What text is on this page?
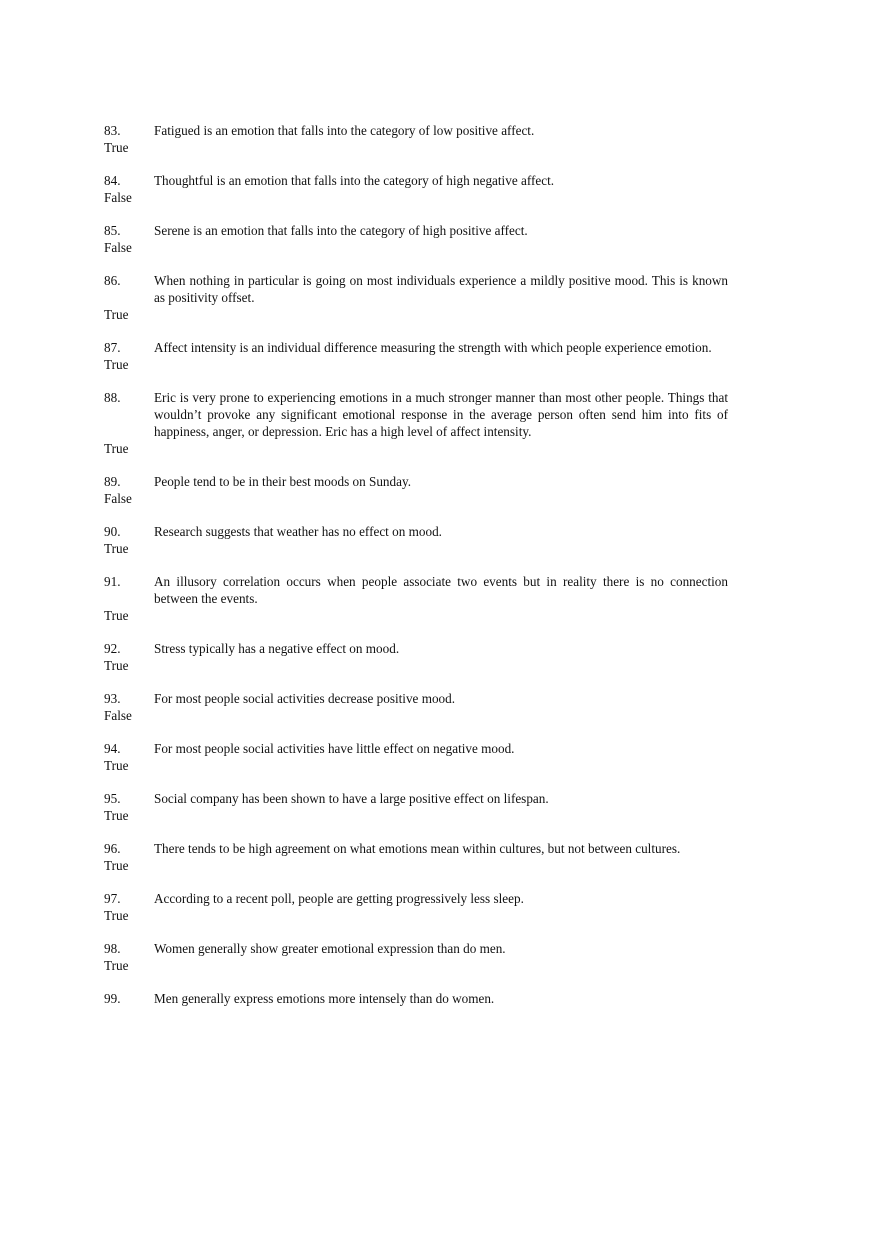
83.	Fatigued is an emotion that falls into the category of low positive affect.
True
84.	Thoughtful is an emotion that falls into the category of high negative affect.
False
85.	Serene is an emotion that falls into the category of high positive affect.
False
86.	When nothing in particular is going on most individuals experience a mildly positive mood. This is known as positivity offset.
True
87.	Affect intensity is an individual difference measuring the strength with which people experience emotion.
True
88.	Eric is very prone to experiencing emotions in a much stronger manner than most other people. Things that wouldn’t provoke any significant emotional response in the average person often send him into fits of happiness, anger, or depression. Eric has a high level of affect intensity.
True
89.	People tend to be in their best moods on Sunday.
False
90.	Research suggests that weather has no effect on mood.
True
91.	An illusory correlation occurs when people associate two events but in reality there is no connection between the events.
True
92.	Stress typically has a negative effect on mood.
True
93.	For most people social activities decrease positive mood.
False
94.	For most people social activities have little effect on negative mood.
True
95.	Social company has been shown to have a large positive effect on lifespan.
True
96.	There tends to be high agreement on what emotions mean within cultures, but not between cultures.
True
97.	According to a recent poll, people are getting progressively less sleep.
True
98.	Women generally show greater emotional expression than do men.
True
99.	Men generally express emotions more intensely than do women.
